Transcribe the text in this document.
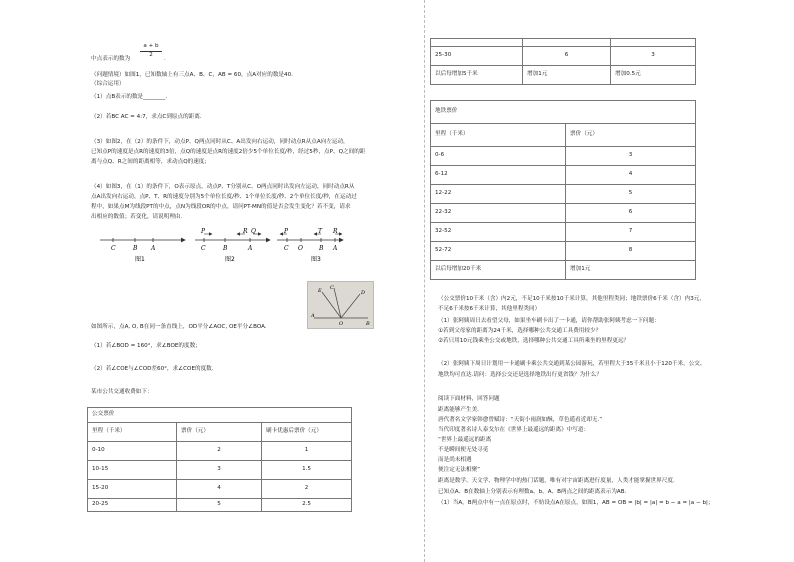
中点表示的数为
a + b
2
.
（问题情境）如图1，已知数轴上有三点A、B、C，AB = 60，点A对应的数是40.
（综合运用）
（1）点B表示的数是________.
（2）若BC AC = 4:7，求点C到原点的距离.
（3）如图2，在（2）的条件下，动点P、Q两点同时从C、A出发向右运动，同时动点R从点A向左运动，
已知点P的速度是点R的速度的3倍，点Q的速度是点R的速度2倍少5个单位长度/秒，经过5秒，点P、Q之间的距
离与点Q、R之间的距离相等，求动点Q的速度；
（4）如图3，在（1）的条件下，O表示原点，动点P、T分别从C、O两点同时出发向左运动，同时动点R从
点A出发向右运动，点P、T、R的速度分别为5个单位长度/秒、1个单位长度/秒、2个单位长度/秒，在运动过
程中，如果点M为线段PT的中点，点N为线段OR的中点，请问PT-MN的值是否会发生变化？若不变，请求
出相应的数值；若变化，请说明理由.
C	B A
图1
P
C	B
R Q
A
图2
P
C O
T
B
R
A
图3
E C
D
A
O	B
如图所示，点A, O, B在同一条直线上，OD平分∠AOC, OE平分∠BOA.
（1）若∠BOD = 160°，求∠BOE的度数；
（2）若∠COE与∠COD差60°，求∠COE的度数.
某市公共交通收费如下：
公交票价		
里程（千米）	票价（元）	刷卡优惠后票价（元）
0-10	2	1
10-15	3	1.5
15-20	4	2
20-25	5	2.5

25-30	6	3
以后每增加5千米	增加1元	增加0.5元
地铁票价	
里程（千米）	票价（元）
0-6	3
6-12	4
12-22	5
22-32	6
32-52	7
52-72	8
以后每增加20千米	增加1元
（公交票价10千米（含）内2元，不足10千米按10千米计算，其他里程类同；地铁票价6千米（含）内3元，
不足6千米按6千米计算，其他里程类同）
（1）张阿姨周日去看望父母，如果坐车刷卡出了一卡通，请你帮助张阿姨考虑一下问题：
①若到父母家的距离为24千米，选择哪种公共交通工具费用较少？
②若只用10元钱乘坐公交或地铁，选择哪种公共交通工具所乘坐的里程更远？
（2）张阿姨下周日计划用一卡通刷卡乘公共交通到某公园游玩，若里程大于35千米且小于120千米，公交、
地铁均可直达.请问：选择公交还是选择地铁出行更省钱？为什么？
阅读下面材料，回答问题
距离能够产生美.
唐代著名文学家韩愈曾赋诗：“天街小雨润如酥，草色遥看近却无.”
当代印度著名诗人泰戈尔在《世界上最遥远的距离》中写道：
“世界上最遥远的距离
不是瞬间便无处寻觅
而是尚未相遇
便注定无法相聚”
距离是数学、天文学、物理学中的热门话题，唯有对宇宙距离进行度量，人类才能掌握世界尺度.
已知点A、B在数轴上分别表示有理数a、b，A、B两点之间的距离表示为AB.
（1）当A，B两点中有一点在原点时，不妨设点A在原点，如图1，AB = OB = |b| = |a| = b − a = |a − b|；
